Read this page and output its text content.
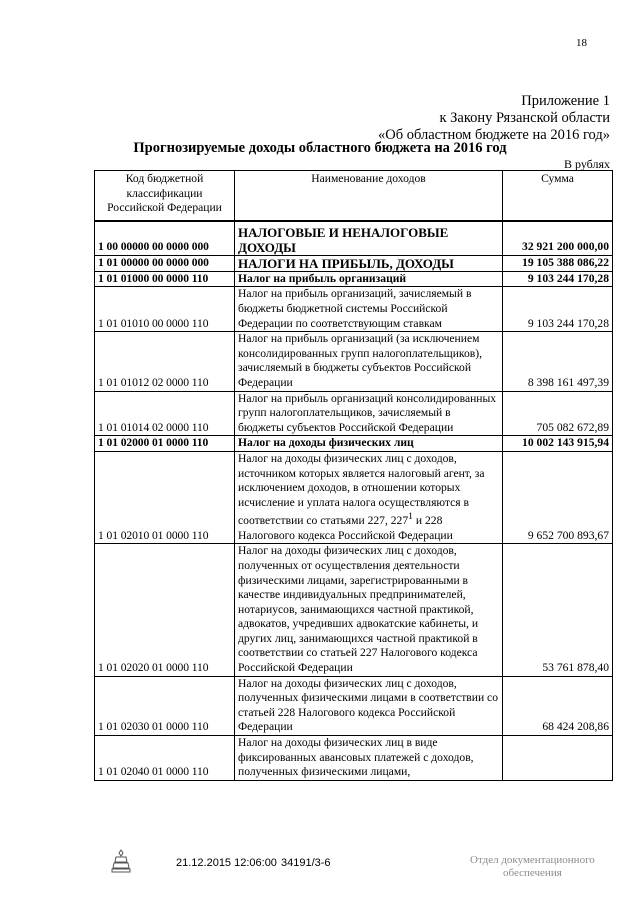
18
Приложение 1
к Закону Рязанской области
«Об областном бюджете на 2016 год»
Прогнозируемые доходы областного бюджета на 2016 год
В рублях
Код бюджетной классификации Российской Федерации	Наименование доходов	Сумма
1 00 00000 00 0000 000	НАЛОГОВЫЕ И НЕНАЛОГОВЫЕ ДОХОДЫ	32 921 200 000,00
1 01 00000 00 0000 000	НАЛОГИ НА ПРИБЫЛЬ, ДОХОДЫ	19 105 388 086,22
1 01 01000 00 0000 110	Налог на прибыль организаций	9 103 244 170,28
1 01 01010 00 0000 110	Налог на прибыль организаций, зачисляемый в бюджеты бюджетной системы Российской Федерации по соответствующим ставкам	9 103 244 170,28
1 01 01012 02 0000 110	Налог на прибыль организаций (за исключением консолидированных групп налогоплательщиков), зачисляемый в бюджеты субъектов Российской Федерации	8 398 161 497,39
1 01 01014 02 0000 110	Налог на прибыль организаций консолидированных групп налогоплательщиков, зачисляемый в бюджеты субъектов Российской Федерации	705 082 672,89
1 01 02000 01 0000 110	Налог на доходы физических лиц	10 002 143 915,94
1 01 02010 01 0000 110	Налог на доходы физических лиц с доходов, источником которых является налоговый агент, за исключением доходов, в отношении которых исчисление и уплата налога осуществляются в соответствии со статьями 227, $227^1$ и 228 Налогового кодекса Российской Федерации	9 652 700 893,67
1 01 02020 01 0000 110	Налог на доходы физических лиц с доходов, полученных от осуществления деятельности физическими лицами, зарегистрированными в качестве индивидуальных предпринимателей, нотариусов, занимающихся частной практикой, адвокатов, учредивших адвокатские кабинеты, и других лиц, занимающихся частной практикой в соответствии со статьей 227 Налогового кодекса Российской Федерации	53 761 878,40
1 01 02030 01 0000 110	Налог на доходы физических лиц с доходов, полученных физическими лицами в соответствии со статьей 228 Налогового кодекса Российской Федерации	68 424 208,86
1 01 02040 01 0000 110	Налог на доходы физических лиц в виде фиксированных авансовых платежей с доходов, полученных физическими лицами,	
21.12.2015 12:06:00 34191/3-6	Отдел документационного
обеспечения
